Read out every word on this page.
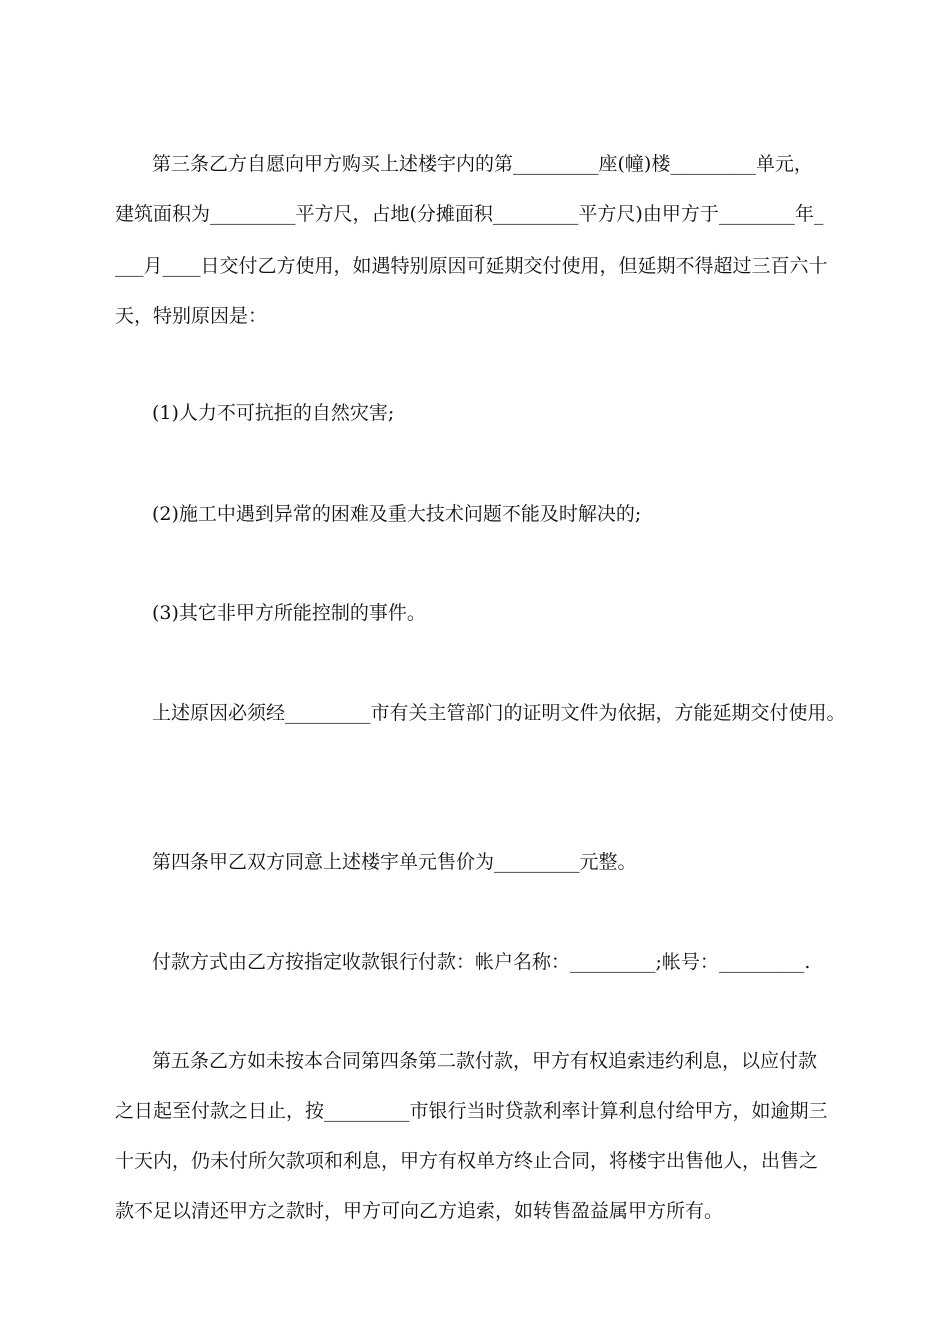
第三条乙方自愿向甲方购买上述楼宇内的第_________座(幢)楼_________单元，
建筑面积为_________平方尺，占地(分摊面积_________平方尺)由甲方于________年_
___月____日交付乙方使用，如遇特别原因可延期交付使用，但延期不得超过三百六十
天，特别原因是：
(1)人力不可抗拒的自然灾害;
(2)施工中遇到异常的困难及重大技术问题不能及时解决的;
(3)其它非甲方所能控制的事件。
上述原因必须经_________市有关主管部门的证明文件为依据，方能延期交付使用。
第四条甲乙双方同意上述楼宇单元售价为_________元整。
付款方式由乙方按指定收款银行付款：帐户名称：_________;帐号：_________.
第五条乙方如未按本合同第四条第二款付款，甲方有权追索违约利息，以应付款
之日起至付款之日止，按_________市银行当时贷款利率计算利息付给甲方，如逾期三
十天内，仍未付所欠款项和利息，甲方有权单方终止合同，将楼宇出售他人，出售之
款不足以清还甲方之款时，甲方可向乙方追索，如转售盈益属甲方所有。
